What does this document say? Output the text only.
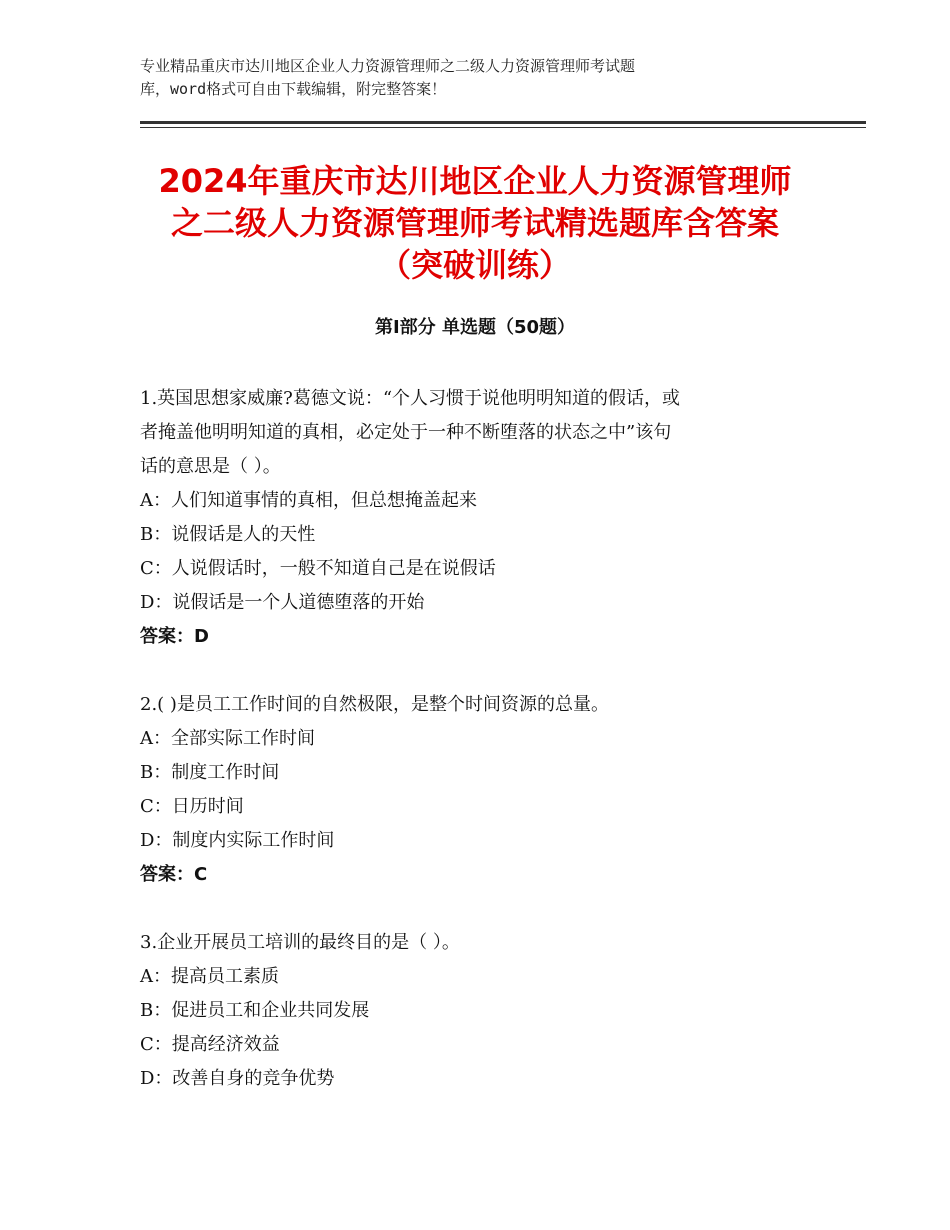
专业精品重庆市达川地区企业人力资源管理师之二级人力资源管理师考试题
库，word格式可自由下载编辑，附完整答案！
2024年重庆市达川地区企业人力资源管理师
之二级人力资源管理师考试精选题库含答案
（突破训练）
第Ⅰ部分 单选题（50题）
1.英国思想家威廉?葛德文说：“个人习惯于说他明明知道的假话，或
者掩盖他明明知道的真相，必定处于一种不断堕落的状态之中”该句
话的意思是（ ）。
A：人们知道事情的真相，但总想掩盖起来
B：说假话是人的天性
C：人说假话时，一般不知道自己是在说假话
D：说假话是一个人道德堕落的开始
答案：D
2.( )是员工工作时间的自然极限，是整个时间资源的总量。
A：全部实际工作时间
B：制度工作时间
C：日历时间
D：制度内实际工作时间
答案：C
3.企业开展员工培训的最终目的是（ ）。
A：提高员工素质
B：促进员工和企业共同发展
C：提高经济效益
D：改善自身的竞争优势
